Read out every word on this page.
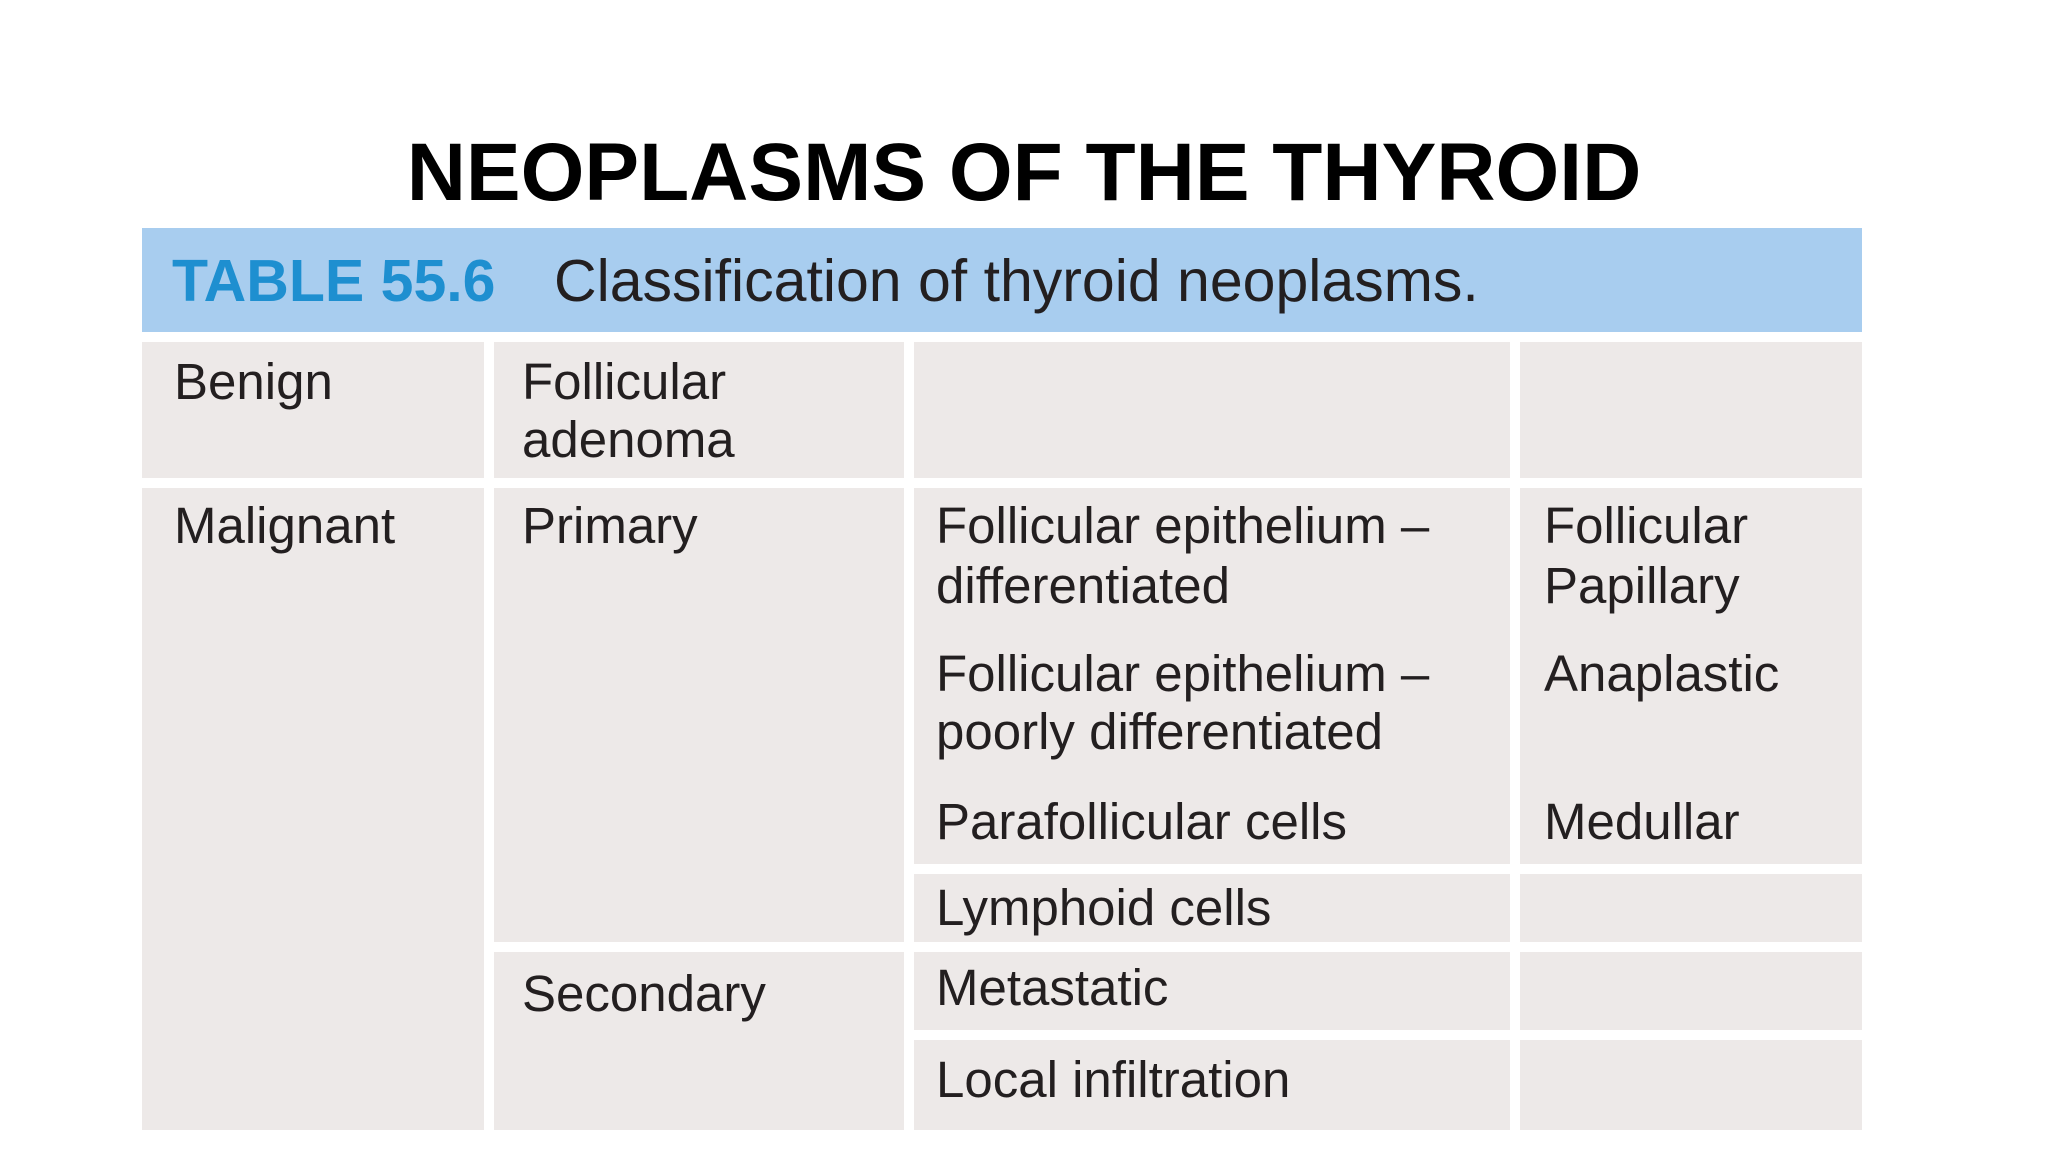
NEOPLASMS OF THE THYROID
TABLE 55.6 Classification of thyroid neoplasms.
Benign
Malignant
Follicular
adenoma
Primary
Secondary
Follicular epithelium –
differentiated
Follicular epithelium –
poorly differentiated
Parafollicular cells
Lymphoid cells
Metastatic
Local infiltration
Follicular
Papillary
Anaplastic
Medullar
